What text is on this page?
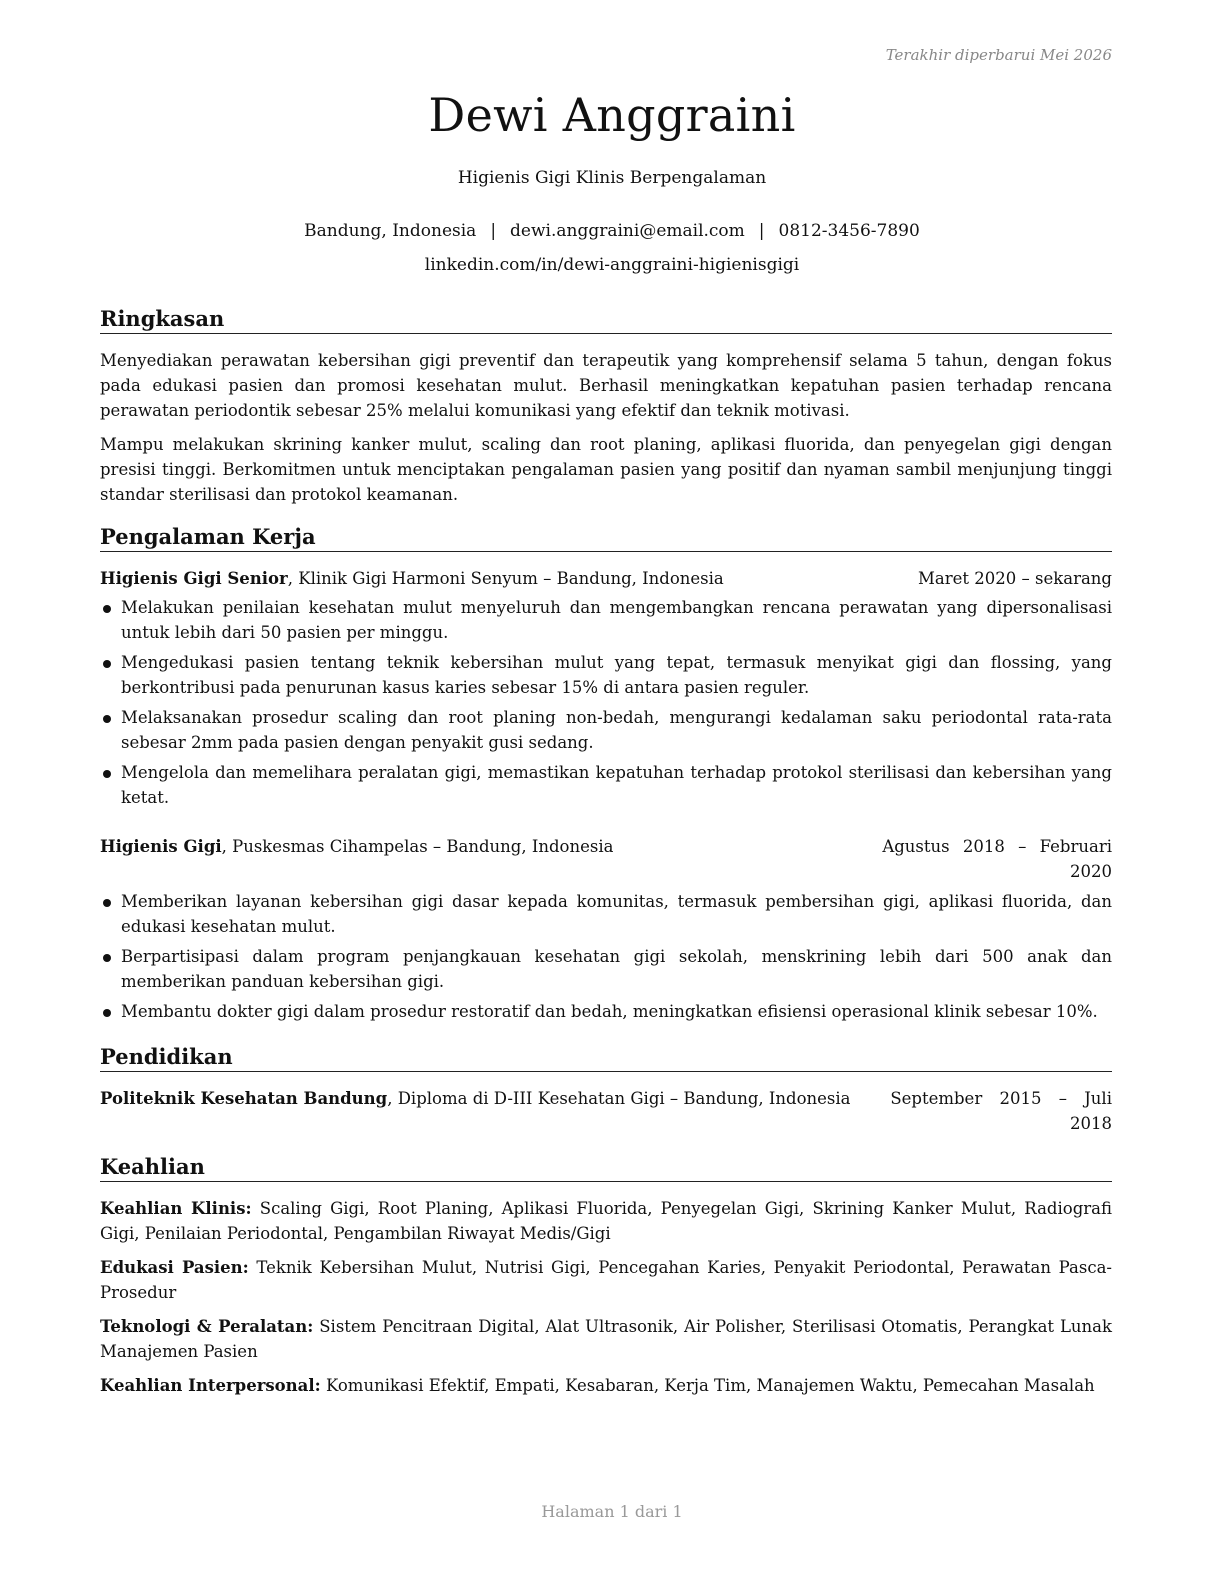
Terakhir diperbarui Mei 2026
Dewi Anggraini
Higienis Gigi Klinis Berpengalaman
Bandung, Indonesia | dewi.anggraini@email.com | 0812-3456-7890
linkedin.com/in/dewi-anggraini-higienisgigi
Ringkasan

Menyediakan perawatan kebersihan gigi preventif dan terapeutik yang komprehensif selama 5 tahun, dengan fokus pada edukasi pasien dan promosi kesehatan mulut. Berhasil meningkatkan kepatuhan pasien terhadap rencana perawatan periodontik sebesar 25% melalui komunikasi yang efektif dan teknik motivasi.

Mampu melakukan skrining kanker mulut, scaling dan root planing, aplikasi fluorida, dan penyegelan gigi dengan presisi tinggi. Berkomitmen untuk menciptakan pengalaman pasien yang positif dan nyaman sambil menjunjung tinggi standar sterilisasi dan protokol keamanan.

Pengalaman Kerja
Higienis Gigi Senior, Klinik Gigi Harmoni Senyum – Bandung, Indonesia	Maret 2020 – sekarang
Melakukan penilaian kesehatan mulut menyeluruh dan mengembangkan rencana perawatan yang dipersonalisasi untuk lebih dari 50 pasien per minggu.
Mengedukasi pasien tentang teknik kebersihan mulut yang tepat, termasuk menyikat gigi dan flossing, yang berkontribusi pada penurunan kasus karies sebesar 15% di antara pasien reguler.
Melaksanakan prosedur scaling dan root planing non-bedah, mengurangi kedalaman saku periodontal rata-rata sebesar 2mm pada pasien dengan penyakit gusi sedang.
Mengelola dan memelihara peralatan gigi, memastikan kepatuhan terhadap protokol sterilisasi dan kebersihan yang ketat.
Higienis Gigi, Puskesmas Cihampelas – Bandung, Indonesia	Agustus 2018 – Februari
2020
Memberikan layanan kebersihan gigi dasar kepada komunitas, termasuk pembersihan gigi, aplikasi fluorida, dan edukasi kesehatan mulut.
Berpartisipasi dalam program penjangkauan kesehatan gigi sekolah, menskrining lebih dari 500 anak dan memberikan panduan kebersihan gigi.
Membantu dokter gigi dalam prosedur restoratif dan bedah, meningkatkan efisiensi operasional klinik sebesar 10%.
Pendidikan
Politeknik Kesehatan Bandung, Diploma di D-III Kesehatan Gigi – Bandung, Indonesia September 2015 – Juli
2018
Keahlian

Keahlian Klinis: Scaling Gigi, Root Planing, Aplikasi Fluorida, Penyegelan Gigi, Skrining Kanker Mulut, Radiografi Gigi, Penilaian Periodontal, Pengambilan Riwayat Medis/Gigi

Edukasi Pasien: Teknik Kebersihan Mulut, Nutrisi Gigi, Pencegahan Karies, Penyakit Periodontal, Perawatan Pasca-Prosedur

Teknologi & Peralatan: Sistem Pencitraan Digital, Alat Ultrasonik, Air Polisher, Sterilisasi Otomatis, Perangkat Lunak Manajemen Pasien

Keahlian Interpersonal: Komunikasi Efektif, Empati, Kesabaran, Kerja Tim, Manajemen Waktu, Pemecahan Masalah

Halaman 1 dari 1
